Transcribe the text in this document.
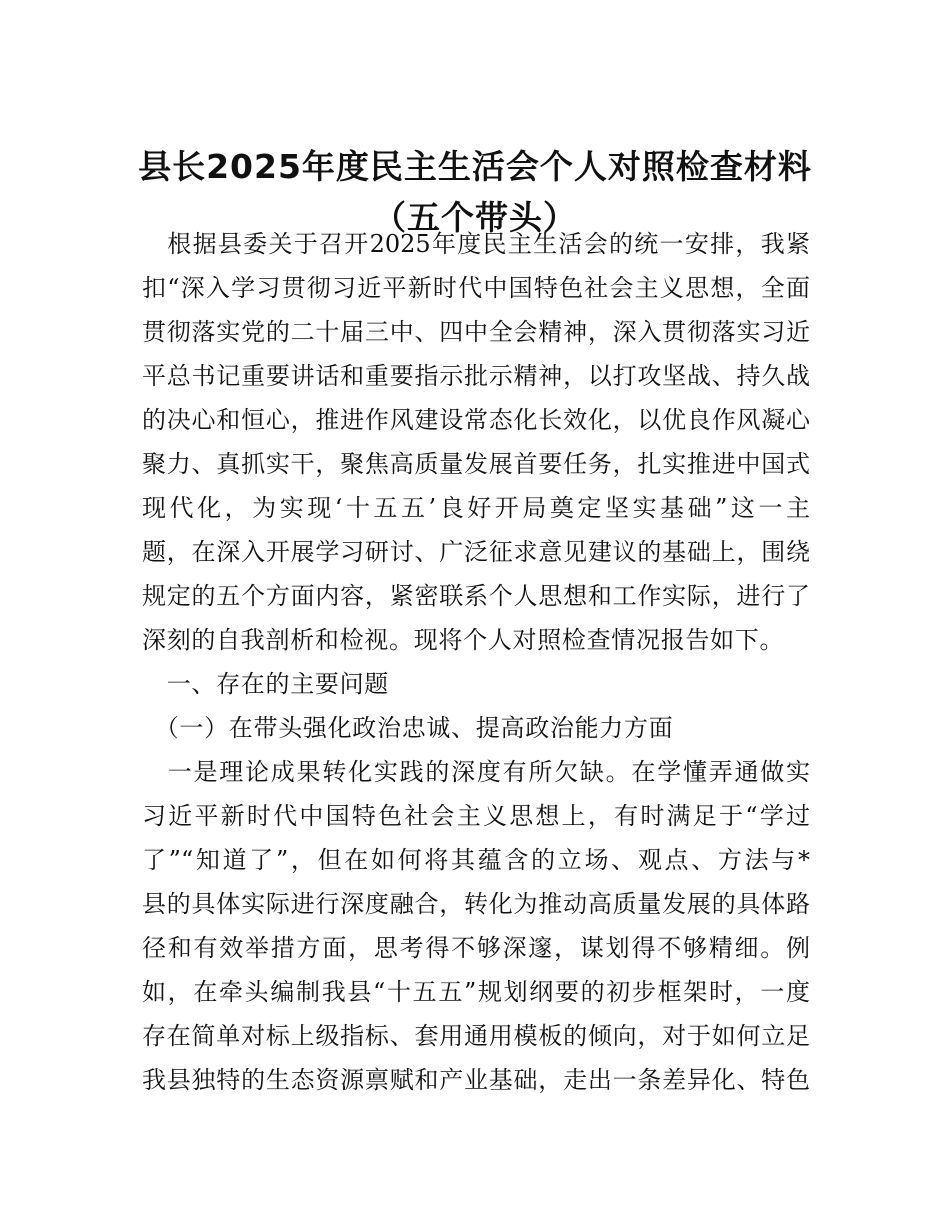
县长2025年度民主生活会个人对照检查材料
（五个带头）
　根据县委关于召开2025年度民主生活会的统一安排，我紧
扣“深入学习贯彻习近平新时代中国特色社会主义思想，全面
贯彻落实党的二十届三中、四中全会精神，深入贯彻落实习近
平总书记重要讲话和重要指示批示精神，以打攻坚战、持久战
的决心和恒心，推进作风建设常态化长效化，以优良作风凝心
聚力、真抓实干，聚焦高质量发展首要任务，扎实推进中国式
现代化，为实现‘十五五’良好开局奠定坚实基础”这一主
题，在深入开展学习研讨、广泛征求意见建议的基础上，围绕
规定的五个方面内容，紧密联系个人思想和工作实际，进行了
深刻的自我剖析和检视。现将个人对照检查情况报告如下。
　一、存在的主要问题
　（一）在带头强化政治忠诚、提高政治能力方面
　一是理论成果转化实践的深度有所欠缺。在学懂弄通做实
习近平新时代中国特色社会主义思想上，有时满足于“学过
了”“知道了”，但在如何将其蕴含的立场、观点、方法与*
县的具体实际进行深度融合，转化为推动高质量发展的具体路
径和有效举措方面，思考得不够深邃，谋划得不够精细。例
如，在牵头编制我县“十五五”规划纲要的初步框架时，一度
存在简单对标上级指标、套用通用模板的倾向，对于如何立足
我县独特的生态资源禀赋和产业基础，走出一条差异化、特色
